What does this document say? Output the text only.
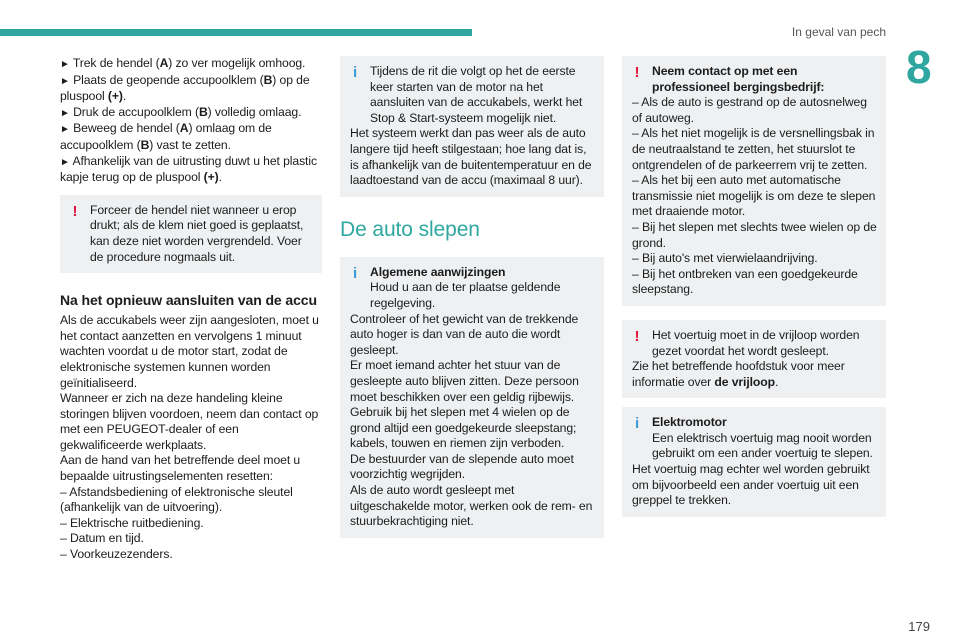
In geval van pech
8
179

► Trek de hendel (A) zo ver mogelijk omhoog.

► Plaats de geopende accupoolklem (B) op de pluspool (+).

► Druk de accupoolklem (B) volledig omlaag.

► Beweeg de hendel (A) omlaag om de accupoolklem (B) vast te zetten.

► Afhankelijk van de uitrusting duwt u het plastic kapje terug op de pluspool (+).

!	Forceer de hendel niet wanneer u erop drukt; als de klem niet goed is geplaatst, kan deze niet worden vergrendeld. Voer de procedure nogmaals uit.

Na het opnieuw aansluiten van de accu

Als de accukabels weer zijn aangesloten, moet u het contact aanzetten en vervolgens 1 minuut wachten voordat u de motor start, zodat de elektronische systemen kunnen worden geïnitialiseerd.

Wanneer er zich na deze handeling kleine storingen blijven voordoen, neem dan contact op met een PEUGEOT-dealer of een gekwalificeerde werkplaats.

Aan de hand van het betreffende deel moet u bepaalde uitrustingselementen resetten:

– Afstandsbediening of elektronische sleutel (afhankelijk van de uitvoering).

– Elektrische ruitbediening.

– Datum en tijd.

– Voorkeuzezenders.

i	Tijdens de rit die volgt op het de eerste keer starten van de motor na het aansluiten van de accukabels, werkt het Stop & Start-systeem mogelijk niet.

Het systeem werkt dan pas weer als de auto langere tijd heeft stilgestaan; hoe lang dat is, is afhankelijk van de buitentemperatuur en de laadtoestand van de accu (maximaal 8 uur).

De auto slepen
i	Algemene aanwijzingen

Houd u aan de ter plaatse geldende regelgeving.

Controleer of het gewicht van de trekkende auto hoger is dan van de auto die wordt gesleept.

Er moet iemand achter het stuur van de gesleepte auto blijven zitten. Deze persoon moet beschikken over een geldig rijbewijs.

Gebruik bij het slepen met 4 wielen op de grond altijd een goedgekeurde sleepstang; kabels, touwen en riemen zijn verboden.

De bestuurder van de slepende auto moet voorzichtig wegrijden.

Als de auto wordt gesleept met uitgeschakelde motor, werken ook de rem- en stuurbekrachtiging niet.

!	Neem contact op met een professioneel bergingsbedrijf:

– Als de auto is gestrand op de autosnelweg of autoweg.

– Als het niet mogelijk is de versnellingsbak in de neutraalstand te zetten, het stuurslot te ontgrendelen of de parkeerrem vrij te zetten.

– Als het bij een auto met automatische transmissie niet mogelijk is om deze te slepen met draaiende motor.

– Bij het slepen met slechts twee wielen op de grond.

– Bij auto's met vierwielaandrijving.

– Bij het ontbreken van een goedgekeurde sleepstang.

!	Het voertuig moet in de vrijloop worden gezet voordat het wordt gesleept.

Zie het betreffende hoofdstuk voor meer informatie over de vrijloop.

i	Elektromotor

Een elektrisch voertuig mag nooit worden gebruikt om een ander voertuig te slepen.

Het voertuig mag echter wel worden gebruikt om bijvoorbeeld een ander voertuig uit een greppel te trekken.
